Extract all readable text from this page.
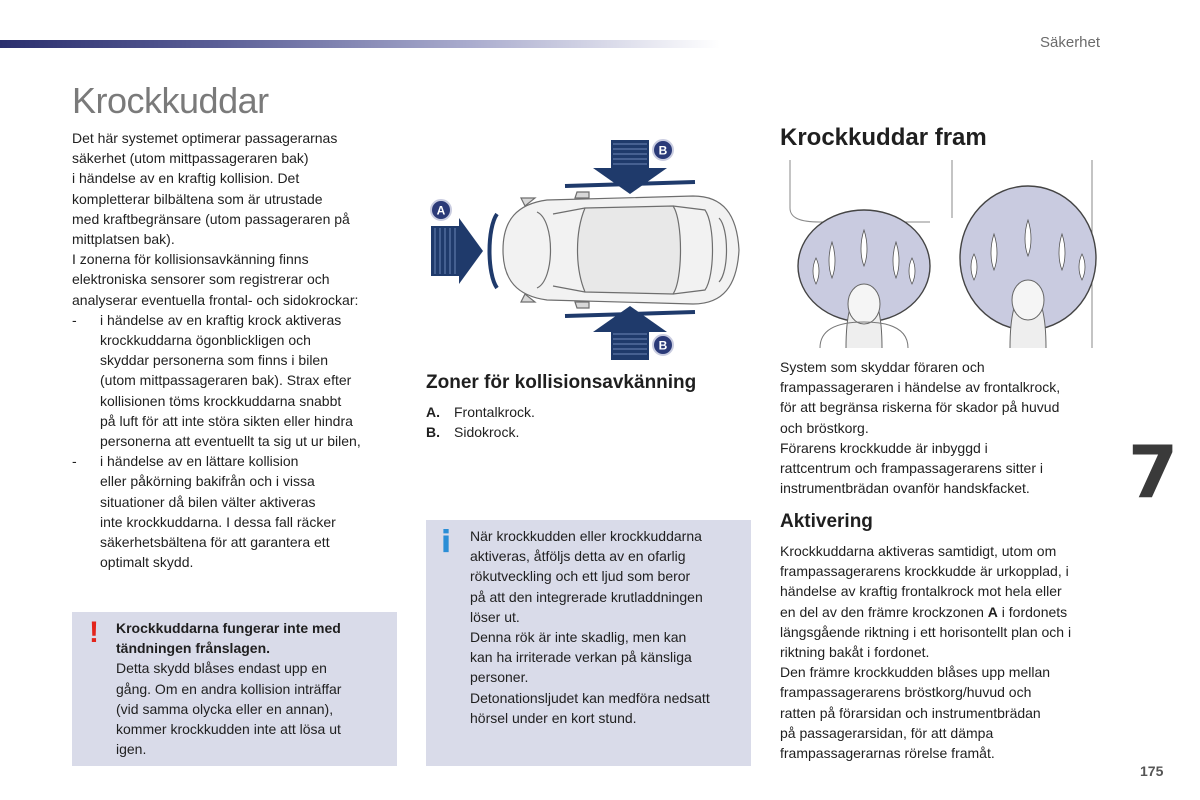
Säkerhet
Krockkuddar

Det här systemet optimerar passagerarnas

säkerhet (utom mittpassageraren bak)

i händelse av en kraftig kollision. Det

kompletterar bilbältena som är utrustade

med kraftbegränsare (utom passageraren på

mittplatsen bak).

I zonerna för kollisionsavkänning finns

elektroniska sensorer som registrerar och

analyserar eventuella frontal- och sidokrockar:

- i händelse av en kraftig krock aktiveras

krockkuddarna ögonblickligen och

skyddar personerna som finns i bilen

(utom mittpassageraren bak). Strax efter

kollisionen töms krockkuddarna snabbt

på luft för att inte störa sikten eller hindra

personerna att eventuellt ta sig ut ur bilen,

- i händelse av en lättare kollision

eller påkörning bakifrån och i vissa

situationer då bilen välter aktiveras

inte krockkuddarna. I dessa fall räcker

säkerhetsbältena för att garantera ett

optimalt skydd.

!	Krockkuddarna fungerar inte med

tändningen frånslagen.

Detta skydd blåses endast upp en

gång. Om en andra kollision inträffar

(vid samma olycka eller en annan),

kommer krockkudden inte att lösa ut

igen.

A
B
B
Zoner för kollisionsavkänning
A. Frontalkrock.
B. Sidokrock.
i När krockkudden eller krockkuddarna

aktiveras, åtföljs detta av en ofarlig

rökutveckling och ett ljud som beror

på att den integrerade krutladdningen

löser ut.

Denna rök är inte skadlig, men kan

kan ha irriterade verkan på känsliga

personer.

Detonationsljudet kan medföra nedsatt

hörsel under en kort stund.

Krockkuddar fram

System som skyddar föraren och

frampassageraren i händelse av frontalkrock,

för att begränsa riskerna för skador på huvud

och bröstkorg.

Förarens krockkudde är inbyggd i

rattcentrum och frampassagerarens sitter i

instrumentbrädan ovanför handskfacket.

Aktivering

Krockkuddarna aktiveras samtidigt, utom om

frampassagerarens krockkudde är urkopplad, i

händelse av kraftig frontalkrock mot hela eller

en del av den främre krockzonen A i fordonets

längsgående riktning i ett horisontellt plan och i

riktning bakåt i fordonet.

Den främre krockkudden blåses upp mellan

frampassagerarens bröstkorg/huvud och

ratten på förarsidan och instrumentbrädan

på passagerarsidan, för att dämpa

frampassagerarnas rörelse framåt.

7
175
